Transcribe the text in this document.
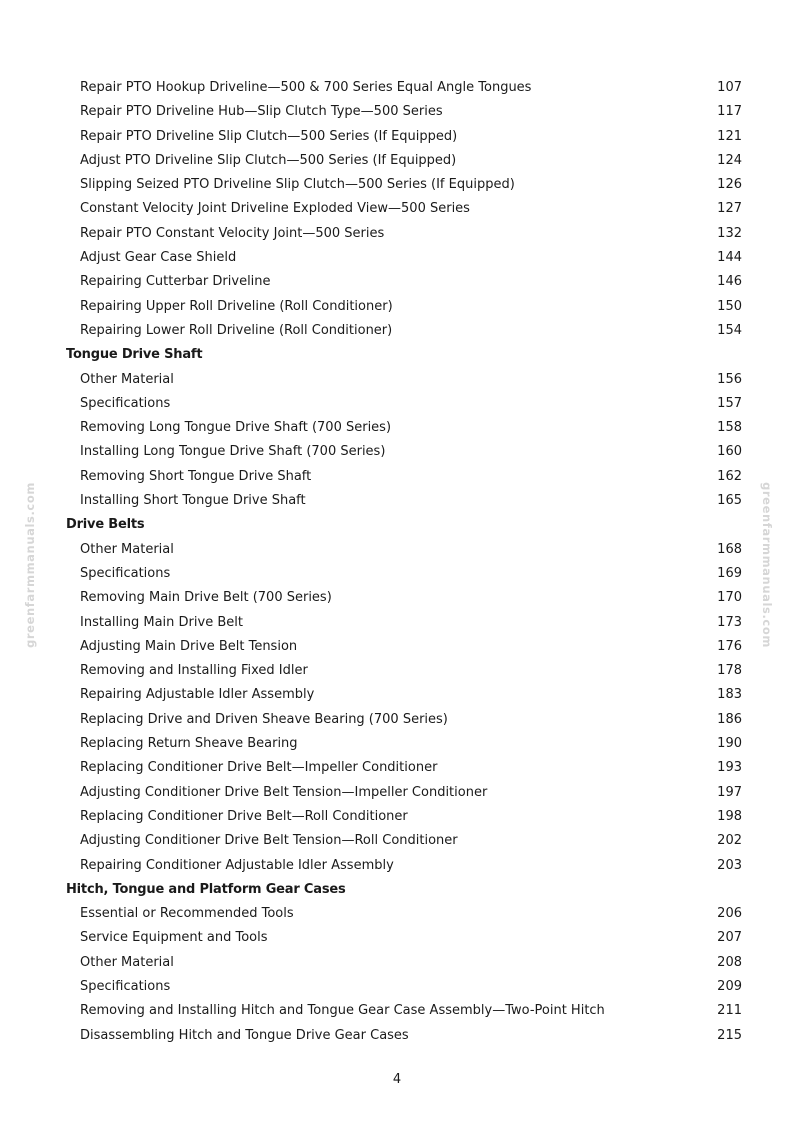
greenfarmmanuals.com	greenfarmmanuals.com
Repair PTO Hookup Driveline—500 & 700 Series Equal Angle Tongues	107
Repair PTO Driveline Hub—Slip Clutch Type—500 Series	117
Repair PTO Driveline Slip Clutch—500 Series (If Equipped)	121
Adjust PTO Driveline Slip Clutch—500 Series (If Equipped)	124
Slipping Seized PTO Driveline Slip Clutch—500 Series (If Equipped)	126
Constant Velocity Joint Driveline Exploded View—500 Series	127
Repair PTO Constant Velocity Joint—500 Series	132
Adjust Gear Case Shield	144
Repairing Cutterbar Driveline	146
Repairing Upper Roll Driveline (Roll Conditioner)	150
Repairing Lower Roll Driveline (Roll Conditioner)	154
Tongue Drive Shaft
Other Material	156
Specifications	157
Removing Long Tongue Drive Shaft (700 Series)	158
Installing Long Tongue Drive Shaft (700 Series)	160
Removing Short Tongue Drive Shaft	162
Installing Short Tongue Drive Shaft	165
Drive Belts
Other Material	168
Specifications	169
Removing Main Drive Belt (700 Series)	170
Installing Main Drive Belt	173
Adjusting Main Drive Belt Tension	176
Removing and Installing Fixed Idler	178
Repairing Adjustable Idler Assembly	183
Replacing Drive and Driven Sheave Bearing (700 Series)	186
Replacing Return Sheave Bearing	190
Replacing Conditioner Drive Belt—Impeller Conditioner	193
Adjusting Conditioner Drive Belt Tension—Impeller Conditioner	197
Replacing Conditioner Drive Belt—Roll Conditioner	198
Adjusting Conditioner Drive Belt Tension—Roll Conditioner	202
Repairing Conditioner Adjustable Idler Assembly	203
Hitch, Tongue and Platform Gear Cases
Essential or Recommended Tools	206
Service Equipment and Tools	207
Other Material	208
Specifications	209
Removing and Installing Hitch and Tongue Gear Case Assembly—Two-Point Hitch	211
Disassembling Hitch and Tongue Drive Gear Cases	215
4
